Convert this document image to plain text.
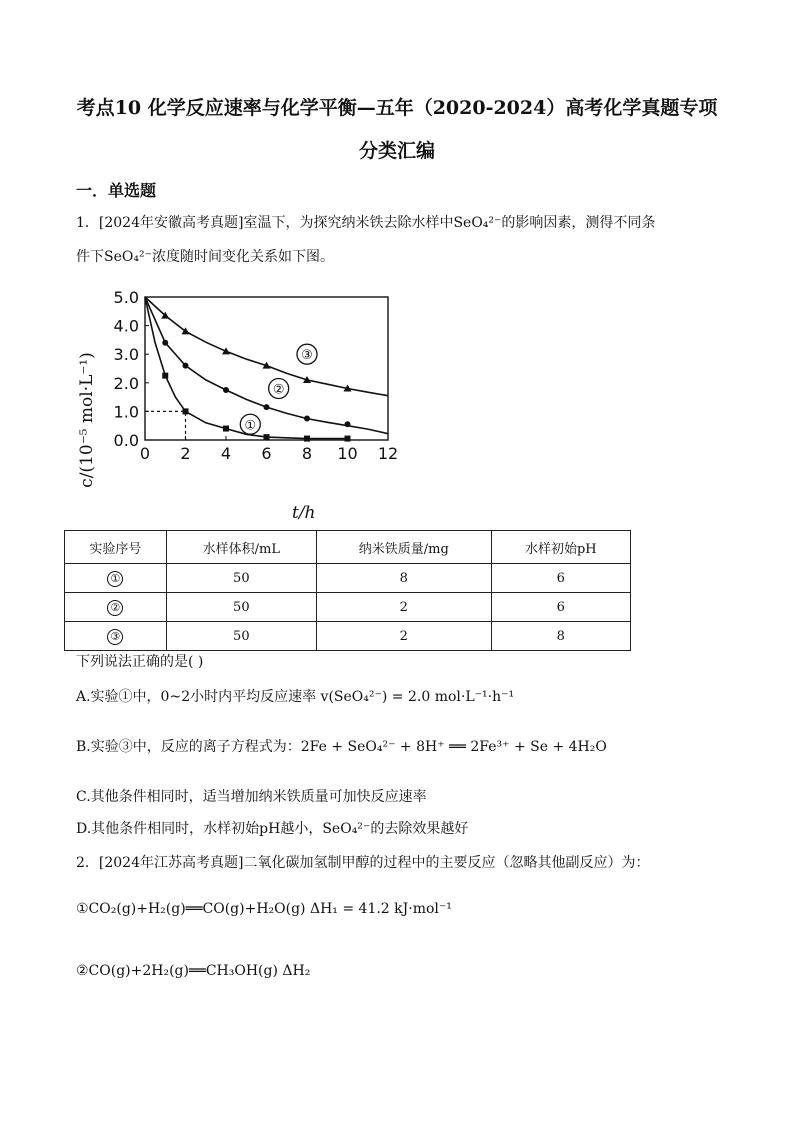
考点10 化学反应速率与化学平衡—五年（2020-2024）高考化学真题专项
分类汇编
一．单选题
1．[2024年安徽高考真题]室温下，为探究纳米铁去除水样中SeO₄²⁻的影响因素，测得不同条
件下SeO₄²⁻浓度随时间变化关系如下图。
c/(10⁻⁵ mol·L⁻¹)
t/h
0 2 4 6 8 10 12
0.0
1.0
2.0
3.0
4.0
5.0
①
②
③
实验序号	水样体积/mL	纳米铁质量/mg	水样初始pH
①	50	8	6
②	50	2	6
③	50	2	8
下列说法正确的是( )
A.实验①中，0~2小时内平均反应速率 v(SeO₄²⁻) = 2.0 mol·L⁻¹·h⁻¹
B.实验③中，反应的离子方程式为：2Fe + SeO₄²⁻ + 8H⁺ ══ 2Fe³⁺ + Se + 4H₂O
C.其他条件相同时，适当增加纳米铁质量可加快反应速率
D.其他条件相同时，水样初始pH越小，SeO₄²⁻的去除效果越好
2．[2024年江苏高考真题]二氧化碳加氢制甲醇的过程中的主要反应（忽略其他副反应）为：
①CO₂(g)+H₂(g)══CO(g)+H₂O(g) ΔH₁ = 41.2 kJ·mol⁻¹
②CO(g)+2H₂(g)══CH₃OH(g) ΔH₂
